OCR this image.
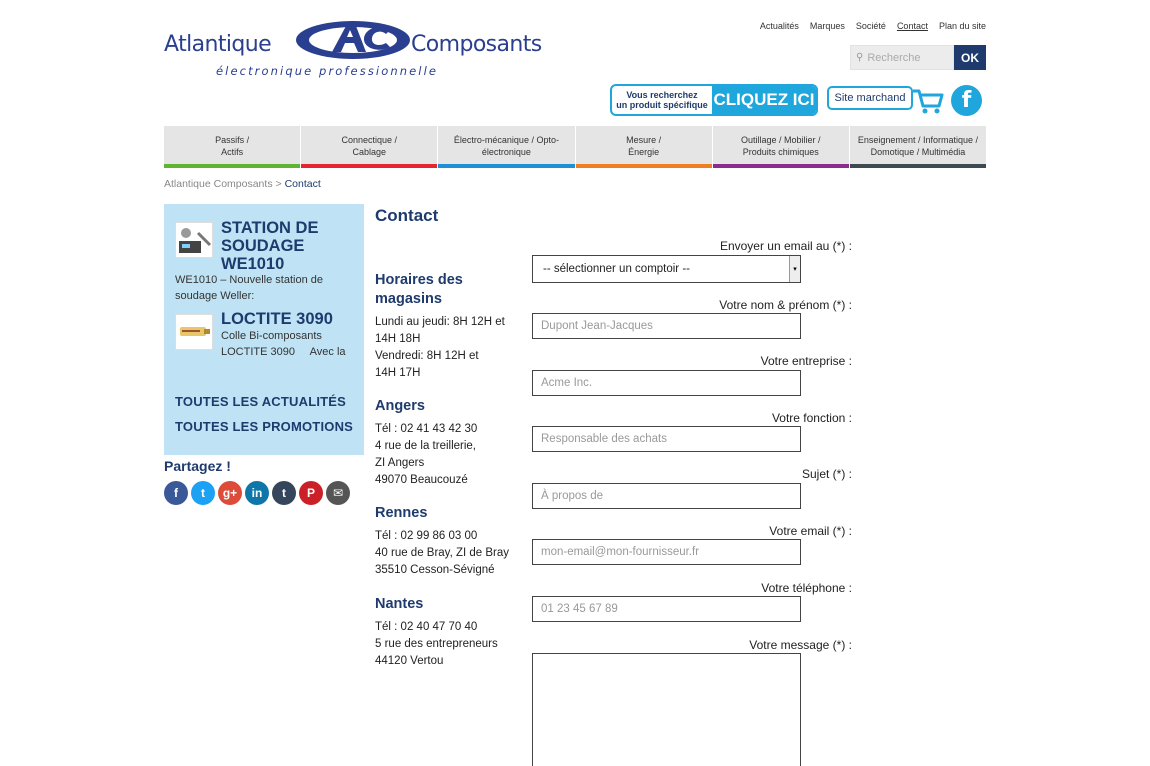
Atlantique	Composants
électronique professionnelle
Actualités Marques Société Contact Plan du site
⚲ Recherche	OK
Vous recherchez
un produit spécifique CLIQUEZ ICI	Site marchand	f
Passifs /
Actifs
Connectique /
Cablage
Électro-mécanique / Opto-
électronique
Mesure /
Énergie
Outillage / Mobilier /
Produits chimiques
Enseignement / Informatique /
Domotique / Multimédia
Atlantique Composants > Contact
STATION DE
SOUDAGE
WE1010
WE1010 – Nouvelle station de
soudage Weller:
LOCTITE 3090
Colle Bi-composants
LOCTITE 3090     Avec la
TOUTES LES ACTUALITÉS
TOUTES LES PROMOTIONS
Partagez !
f	t	g+	in	t	P	✉
Contact
Horaires des
magasins
Lundi au jeudi: 8H 12H et
14H 18H
Vendredi: 8H 12H et
14H 17H
Angers
Tél : 02 41 43 42 30
4 rue de la treillerie,
ZI Angers
49070 Beaucouzé
Rennes
Tél : 02 99 86 03 00
40 rue de Bray, ZI de Bray
35510 Cesson-Sévigné
Nantes
Tél : 02 40 47 70 40
5 rue des entrepreneurs
44120 Vertou
Envoyer un email au (*) :
-- sélectionner un comptoir --	▾
Votre nom & prénom (*) :
Dupont Jean-Jacques
Votre entreprise :
Acme Inc.
Votre fonction :
Responsable des achats
Sujet (*) :
À propos de
Votre email (*) :
mon-email@mon-fournisseur.fr
Votre téléphone :
01 23 45 67 89
Votre message (*) :
